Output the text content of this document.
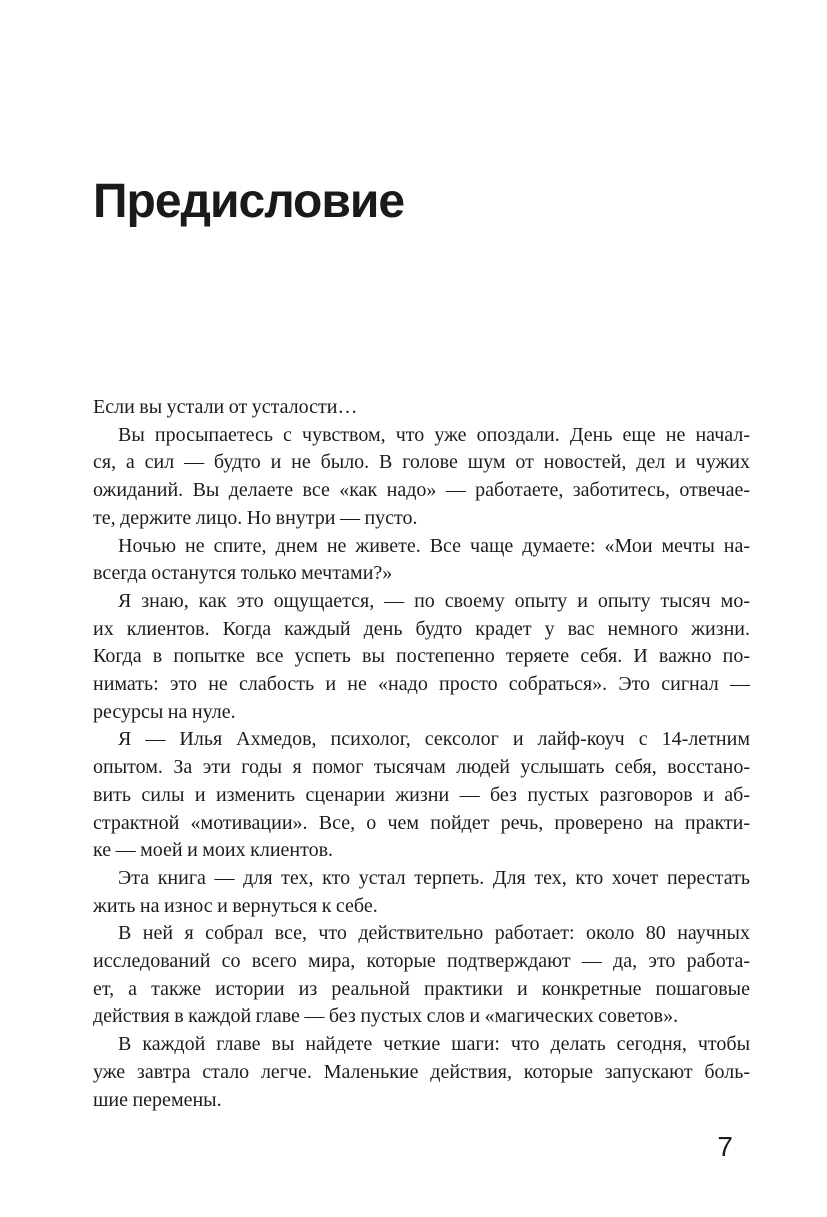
Предисловие
Если вы устали от усталости…
Вы просыпаетесь с чувством, что уже опоздали. День еще не начал-
ся, а сил — будто и не было. В голове шум от новостей, дел и чужих
ожиданий. Вы делаете все «как надо» — работаете, заботитесь, отвечае-
те, держите лицо. Но внутри — пусто.
Ночью не спите, днем не живете. Все чаще думаете: «Мои мечты на-
всегда останутся только мечтами?»
Я знаю, как это ощущается, — по своему опыту и опыту тысяч мо-
их клиентов. Когда каждый день будто крадет у вас немного жизни.
Когда в попытке все успеть вы постепенно теряете себя. И важно по-
нимать: это не слабость и не «надо просто собраться». Это сигнал —
ресурсы на нуле.
Я — Илья Ахмедов, психолог, сексолог и лайф-коуч с 14-летним
опытом. За эти годы я помог тысячам людей услышать себя, восстано-
вить силы и изменить сценарии жизни — без пустых разговоров и аб-
страктной «мотивации». Все, о чем пойдет речь, проверено на практи-
ке — моей и моих клиентов.
Эта книга — для тех, кто устал терпеть. Для тех, кто хочет перестать
жить на износ и вернуться к себе.
В ней я собрал все, что действительно работает: около 80 научных
исследований со всего мира, которые подтверждают — да, это работа-
ет, а также истории из реальной практики и конкретные пошаговые
действия в каждой главе — без пустых слов и «магических советов».
В каждой главе вы найдете четкие шаги: что делать сегодня, чтобы
уже завтра стало легче. Маленькие действия, которые запускают боль-
шие перемены.
7
